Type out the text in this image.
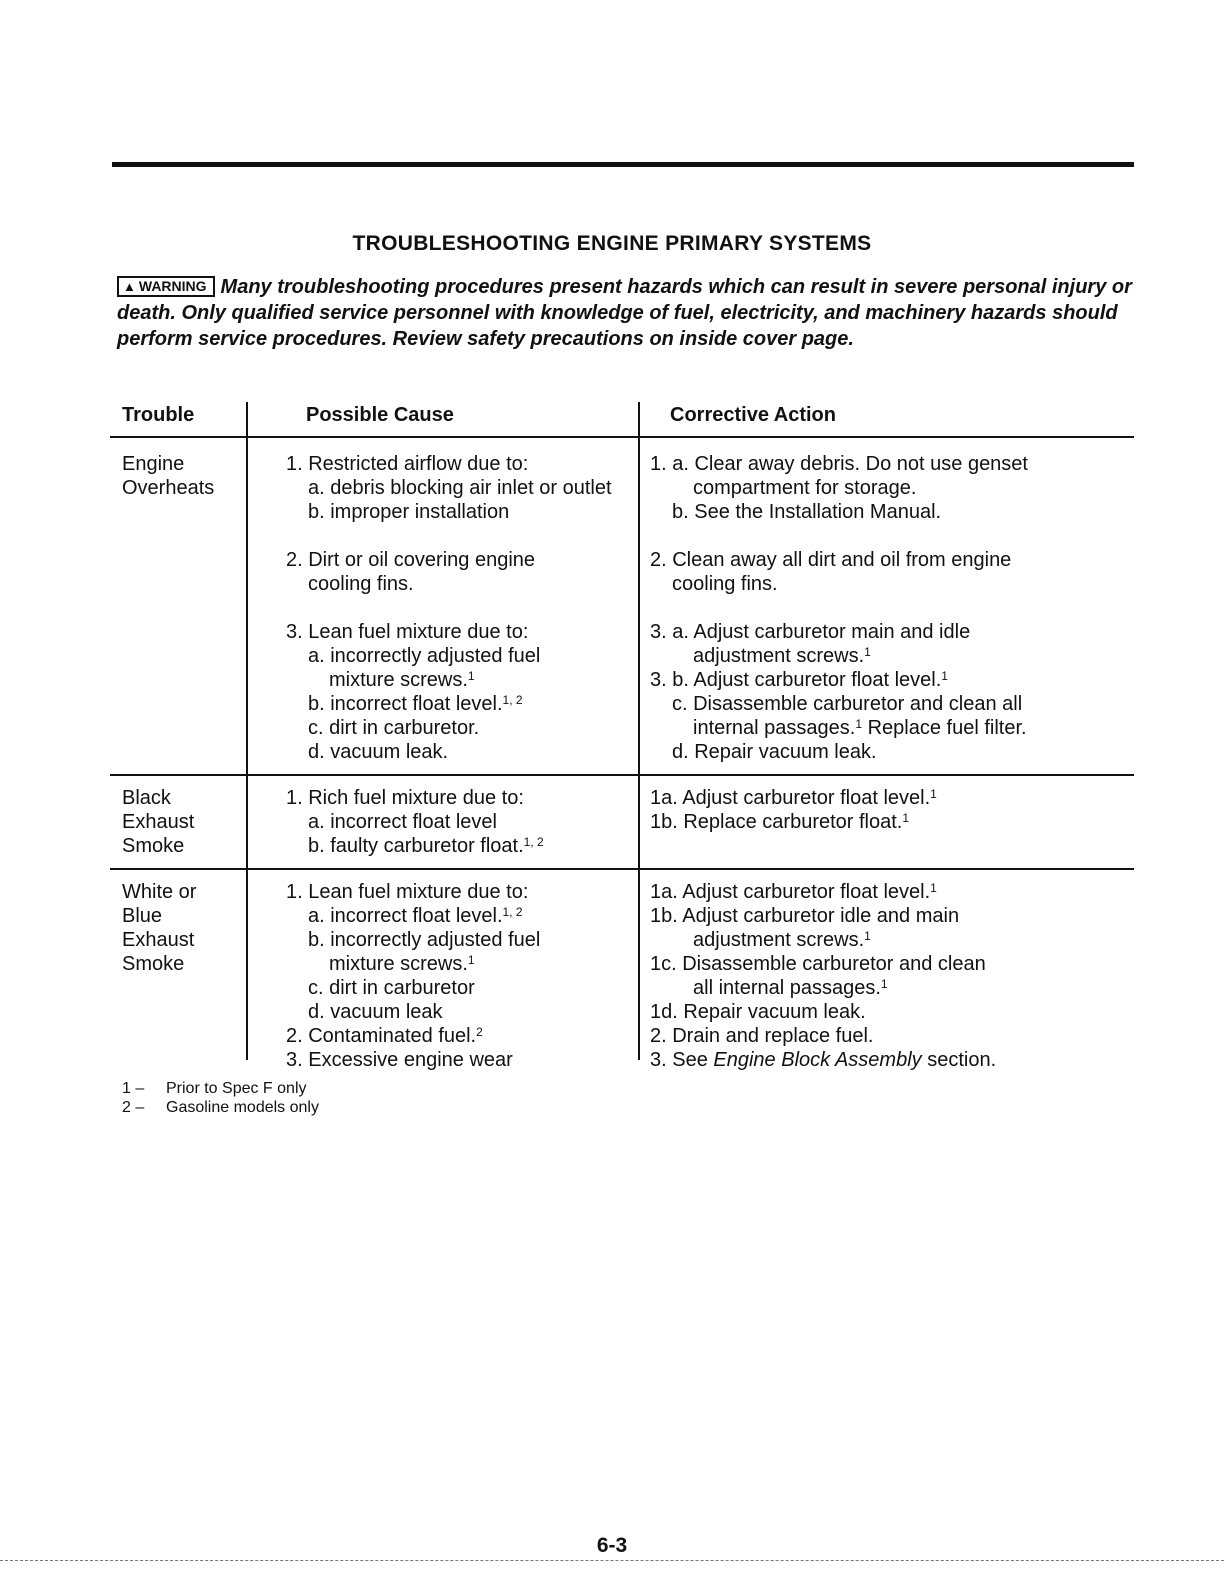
TROUBLESHOOTING ENGINE PRIMARY SYSTEMS
▲ WARNING Many troubleshooting procedures present hazards which can result in severe personal injury or death. Only qualified service personnel with knowledge of fuel, electricity, and machinery hazards should perform service procedures. Review safety precautions on inside cover page.
Trouble	Possible Cause	Corrective Action
Engine
Overheats
1. Restricted airflow due to:
a. debris blocking air inlet or outlet
b. improper installation
2. Dirt or oil covering engine
cooling fins.
3. Lean fuel mixture due to:
a. incorrectly adjusted fuel
mixture screws.$^1$
b. incorrect float level.$^{1, 2}$
c. dirt in carburetor.
d. vacuum leak.
1. a. Clear away debris. Do not use genset
compartment for storage.
b. See the Installation Manual.
2. Clean away all dirt and oil from engine
cooling fins.
3. a. Adjust carburetor main and idle
adjustment screws.$^1$
3. b. Adjust carburetor float level.$^1$
c. Disassemble carburetor and clean all
internal passages.$^1$ Replace fuel filter.
d. Repair vacuum leak.
Black
Exhaust
Smoke
1. Rich fuel mixture due to:
a. incorrect float level
b. faulty carburetor float.$^{1, 2}$
1a. Adjust carburetor float level.$^1$
1b. Replace carburetor float.$^1$
White or
Blue
Exhaust
Smoke
1. Lean fuel mixture due to:
a. incorrect float level.$^{1, 2}$
b. incorrectly adjusted fuel
mixture screws.$^1$
c. dirt in carburetor
d. vacuum leak
2. Contaminated fuel.$^2$
3. Excessive engine wear
1a. Adjust carburetor float level.$^1$
1b. Adjust carburetor idle and main
adjustment screws.$^1$
1c. Disassemble carburetor and clean
all internal passages.$^1$
1d. Repair vacuum leak.
2. Drain and replace fuel.
3. See Engine Block Assembly section.
1 – Prior to Spec F only
2 – Gasoline models only
6-3
